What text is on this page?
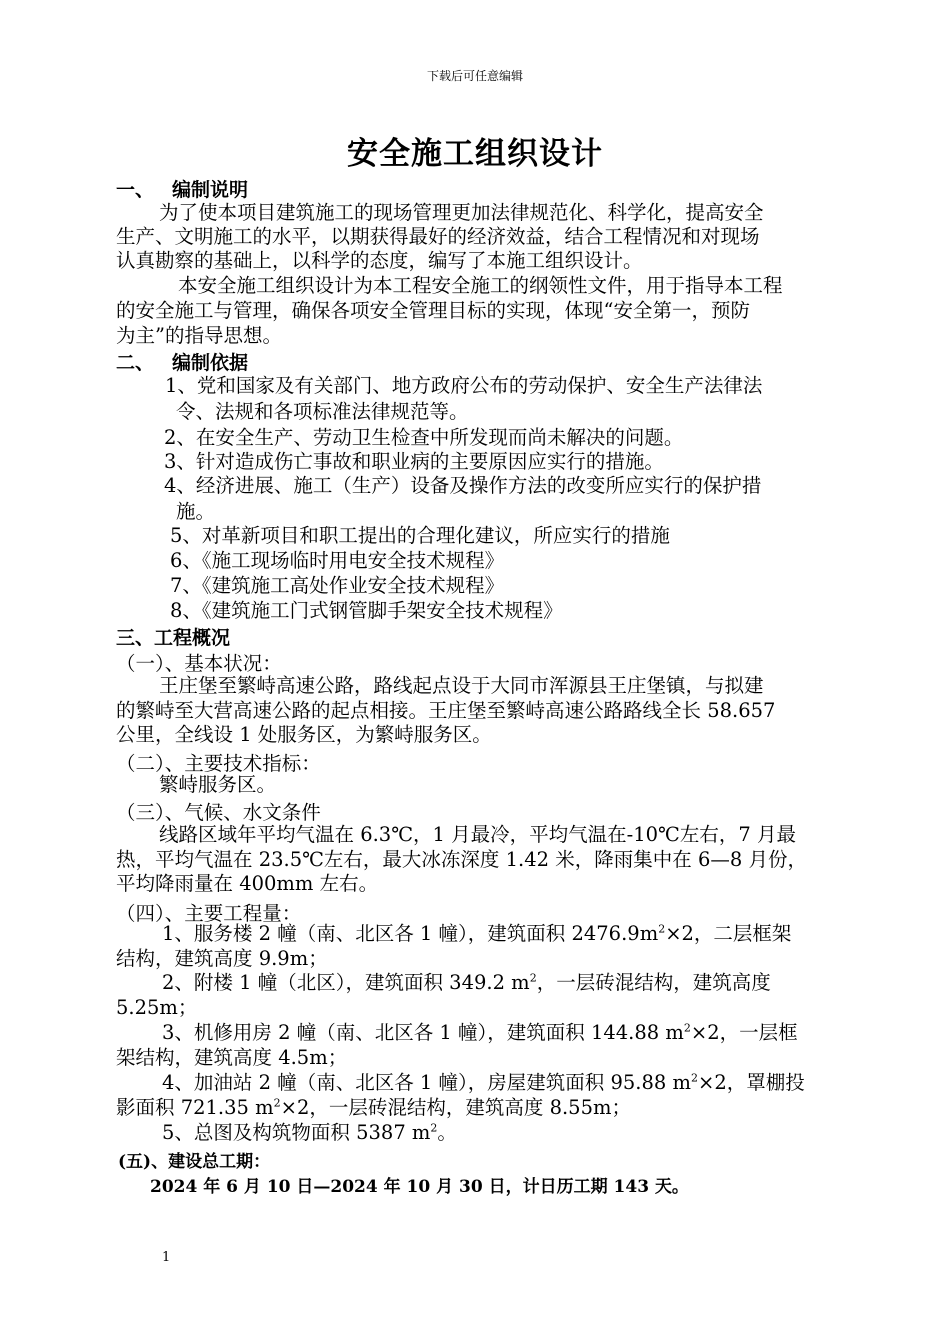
下载后可任意编辑
安全施工组织设计
一、 编制说明
为了使本项目建筑施工的现场管理更加法律规范化、科学化，提高安全
生产、文明施工的水平，以期获得最好的经济效益，结合工程情况和对现场
认真勘察的基础上，以科学的态度，编写了本施工组织设计。
本安全施工组织设计为本工程安全施工的纲领性文件，用于指导本工程
的安全施工与管理，确保各项安全管理目标的实现，体现“安全第一，预防
为主”的指导思想。
二、 编制依据
1、党和国家及有关部门、地方政府公布的劳动保护、安全生产法律法
令、法规和各项标准法律规范等。
2、在安全生产、劳动卫生检查中所发现而尚未解决的问题。
3、针对造成伤亡事故和职业病的主要原因应实行的措施。
4、经济进展、施工（生产）设备及操作方法的改变所应实行的保护措
施。
5、对革新项目和职工提出的合理化建议，所应实行的措施
6、《施工现场临时用电安全技术规程》
7、《建筑施工高处作业安全技术规程》
8、《建筑施工门式钢管脚手架安全技术规程》
三、工程概况
（一）、基本状况：
王庄堡至繁峙高速公路，路线起点设于大同市浑源县王庄堡镇，与拟建
的繁峙至大营高速公路的起点相接。王庄堡至繁峙高速公路路线全长 58.657
公里，全线设 1 处服务区，为繁峙服务区。
（二）、主要技术指标：
繁峙服务区。
（三）、气候、水文条件
线路区域年平均气温在 6.3℃，1 月最冷，平均气温在-10℃左右，7 月最
热，平均气温在 23.5℃左右，最大冰冻深度 1.42 米，降雨集中在 6—8 月份，
平均降雨量在 400mm 左右。
（四）、主要工程量：
1、服务楼 2 幢（南、北区各 1 幢），建筑面积 $2476.9m^2\times 2$，二层框架
结构，建筑高度 9.9m；
2、附楼 1 幢（北区），建筑面积 349.2 $m^2$，一层砖混结构，建筑高度
5.25m；
3、机修用房 2 幢（南、北区各 1 幢），建筑面积 144.88 $m^2\times 2$，一层框
架结构，建筑高度 4.5m；
4、加油站 2 幢（南、北区各 1 幢），房屋建筑面积 95.88 $m^2\times 2$，罩棚投
影面积 721.35 $m^2\times 2$，一层砖混结构，建筑高度 8.55m；
5、总图及构筑物面积 5387 $m^2$。
(五)、建设总工期：
2024 年 6 月 10 日—2024 年 10 月 30 日，计日历工期 143 天。
1
